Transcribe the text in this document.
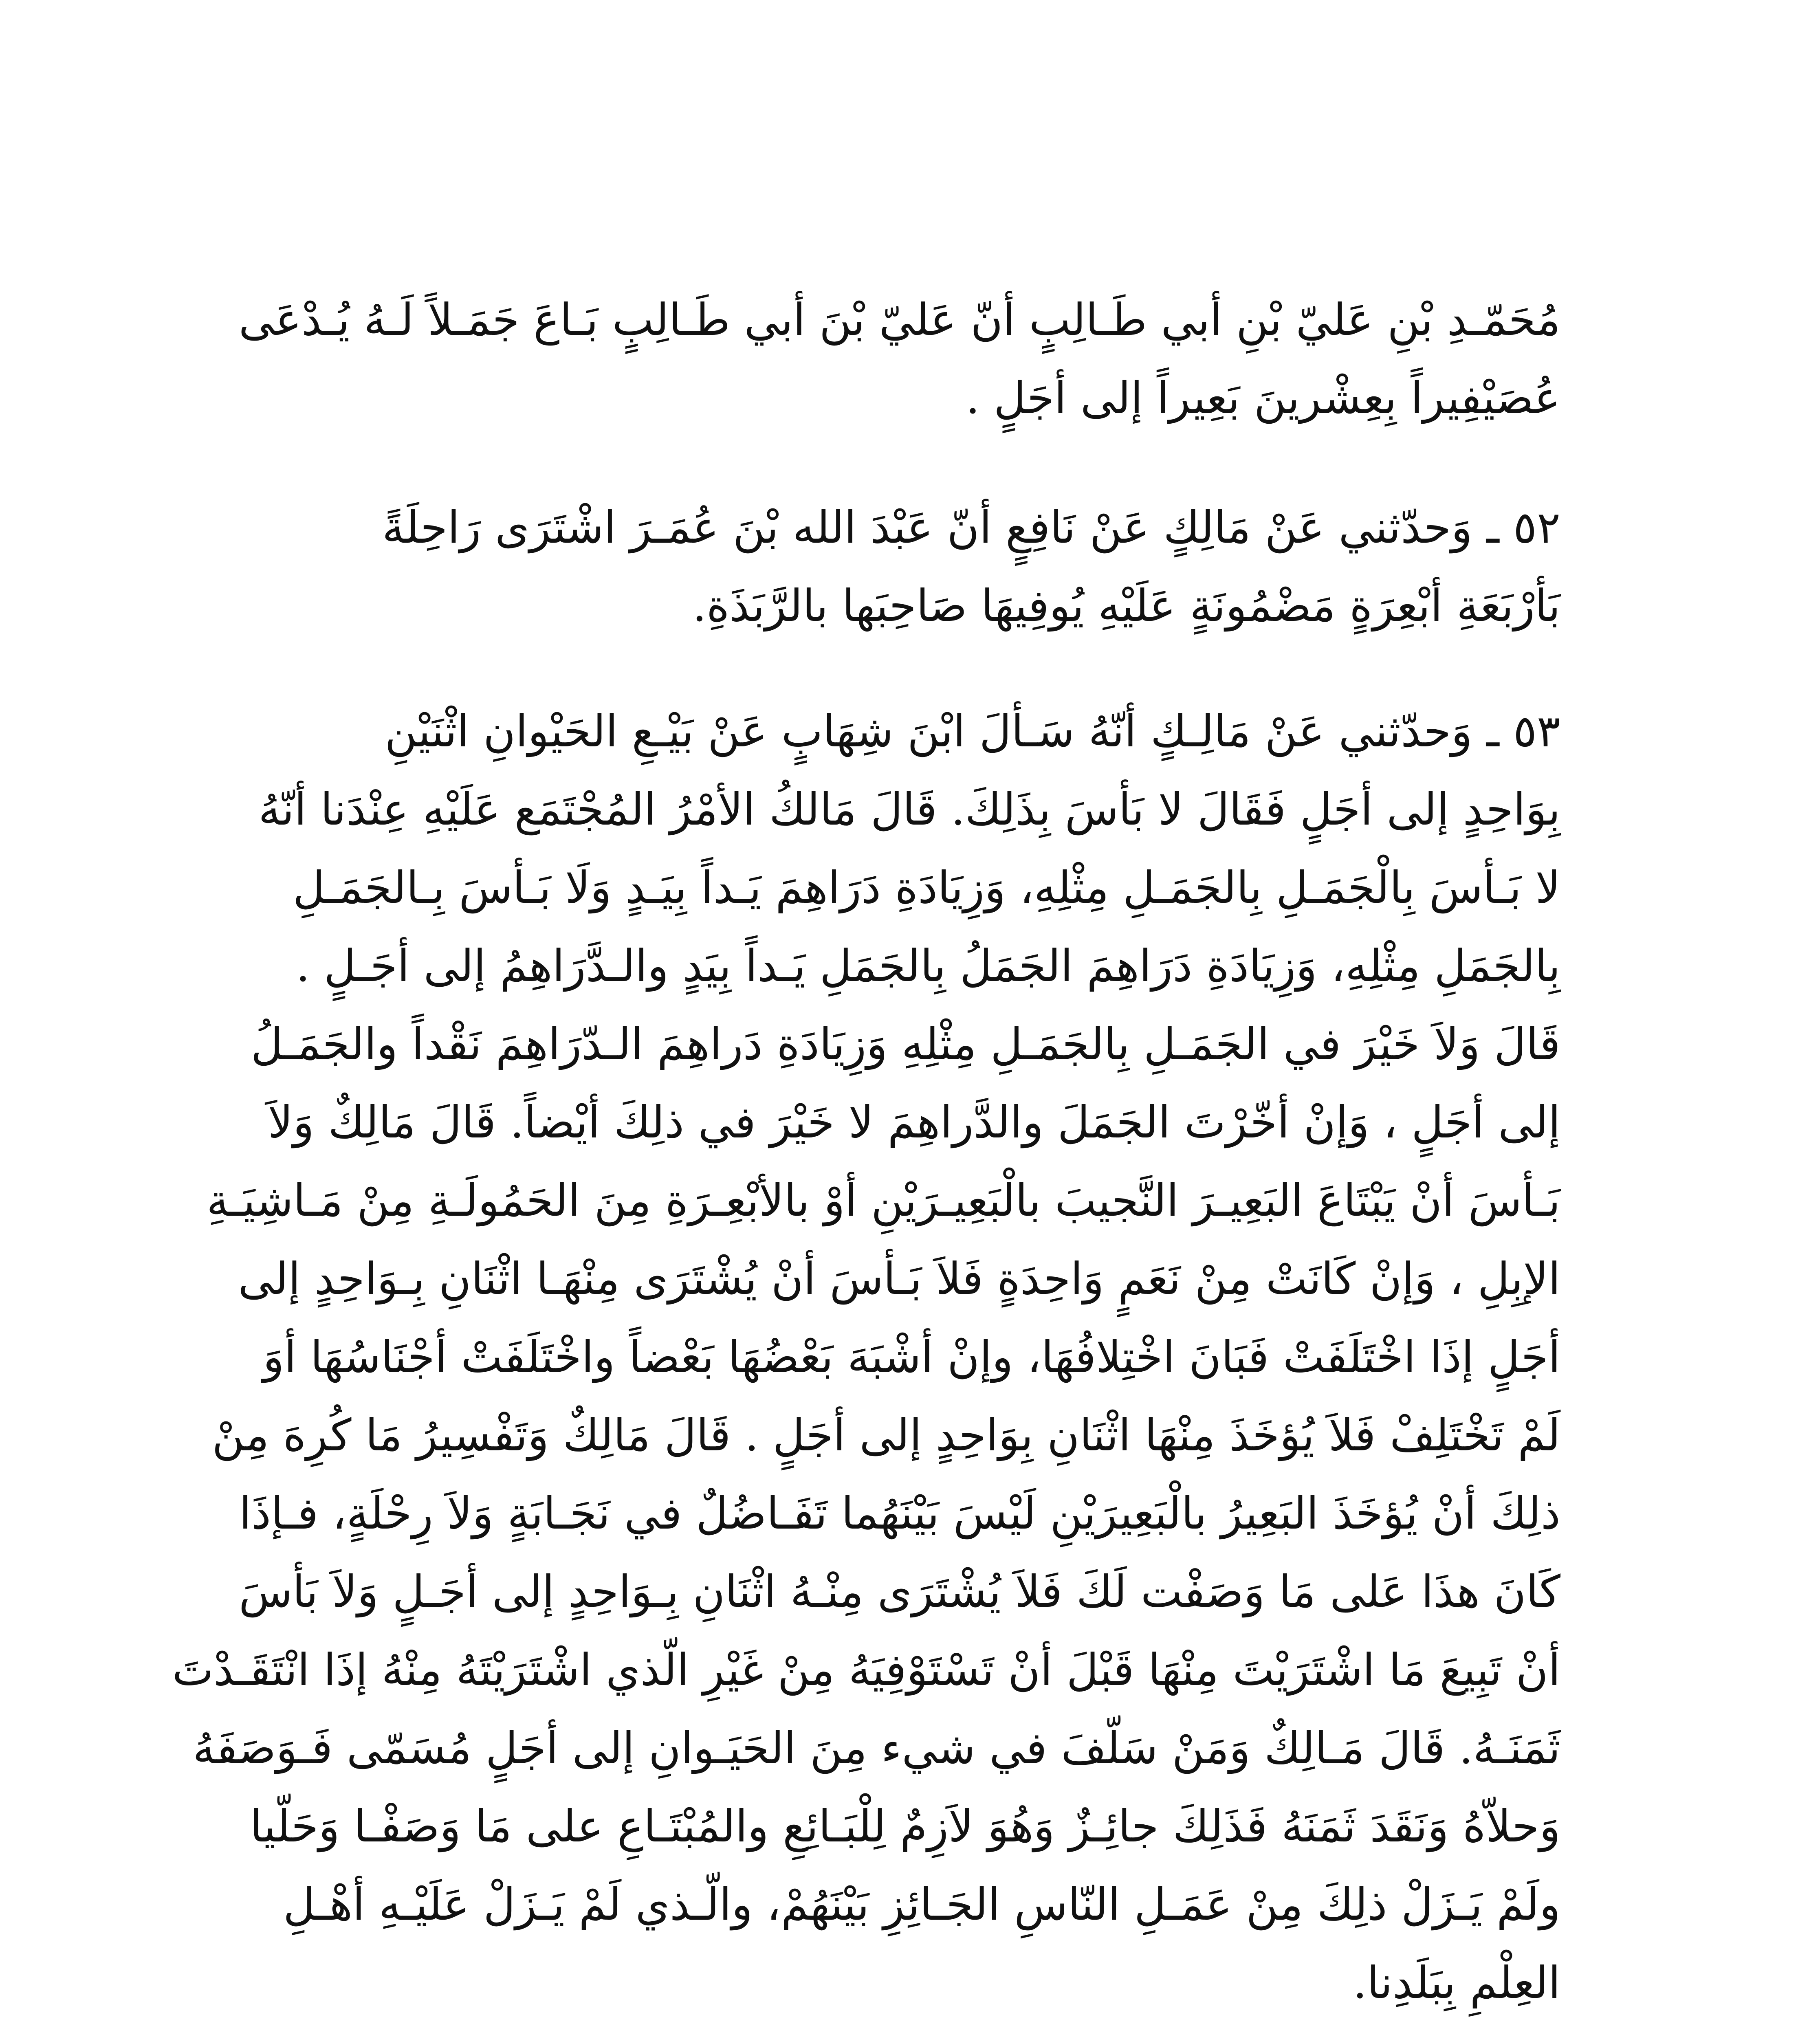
مُحَمّـدِ بْنِ عَليّ بْنِ أبي طَـالِبٍ أنّ عَليّ بْنَ أبي طَـالِبٍ بَـاعَ جَمَـلاً لَـهُ يُـدْعَى
عُصَيْفِيراً بِعِشْرينَ بَعِيراً إلى أجَلٍ .
٥٢ ـ وَحدّثني عَنْ مَالِكٍ عَنْ نَافِعٍ أنّ عَبْدَ الله بْنَ عُمَـرَ اشْتَرَى رَاحِلَةً
بَأرْبَعَةِ أبْعِرَةٍ مَضْمُونَةٍ عَلَيْهِ يُوفِيهَا صَاحِبَها بالرَّبَذَةِ.
٥٣ ـ وَحدّثني عَنْ مَالِـكٍ أنّهُ سَـألَ ابْنَ شِهَابٍ عَنْ بَيْـعِ الحَيْوانِ اثْنَيْنِ
بِوَاحِدٍ إلى أجَلٍ فَقَالَ لا بَأسَ بِذَلِكَ. قَالَ مَالكُ الأمْرُ المُجْتَمَع عَلَيْهِ عِنْدَنا أنّهُ
لا بَـأسَ بِالْجَمَـلِ بِالجَمَـلِ مِثْلِهِ، وَزِيَادَةِ دَرَاهِمَ يَـداً بِيَـدٍ وَلَا بَـأسَ بِـالجَمَـلِ
بِالجَمَلِ مِثْلِهِ، وَزِيَادَةِ دَرَاهِمَ الجَمَلُ بِالجَمَلِ يَـداً بِيَدٍ والـدَّرَاهِمُ إلى أجَـلٍ .
قَالَ وَلاَ خَيْرَ في الجَمَـلِ بِالجَمَـلِ مِثْلِهِ وَزِيَادَةِ دَراهِمَ الـدّرَاهِمَ نَقْداً والجَمَـلُ
إلى أجَلٍ ، وَإنْ أخّرْتَ الجَمَلَ والدَّراهِمَ لا خَيْرَ في ذلِكَ أيْضاً. قَالَ مَالِكٌ وَلاَ
بَـأسَ أنْ يَبْتَاعَ البَعِيـرَ النَّجيبَ بالْبَعِيـرَيْنِ أوْ بالأبْعِـرَةِ مِنَ الحَمُولَـةِ مِنْ مَـاشِيَـةِ
الإبِلِ ، وَإنْ كَانَتْ مِنْ نَعَمٍ وَاحِدَةٍ فَلاَ بَـأسَ أنْ يُشْتَرَى مِنْهَـا اثْنَانِ بِـوَاحِدٍ إلى
أجَلٍ إذَا اخْتَلَفَتْ فَبَانَ اخْتِلافُهَا، وإنْ أشْبَهَ بَعْضُهَا بَعْضاً واخْتَلَفَتْ أجْنَاسُهَا أوَ
لَمْ تَخْتَلِفْ فَلاَ يُؤخَذَ مِنْهَا اثْنَانِ بِوَاحِدٍ إلى أجَلٍ . قَالَ مَالِكٌ وَتَفْسِيرُ مَا كُرِهَ مِنْ
ذلِكَ أنْ يُؤخَذَ البَعِيرُ بالْبَعِيرَيْنِ لَيْسَ بَيْنَهُما تَفَـاضُلٌ في نَجَـابَةٍ وَلاَ رِحْلَةٍ، فـإذَا
كَانَ هذَا عَلى مَا وَصَفْت لَكَ فَلاَ يُشْتَرَى مِنْـهُ اثْنَانِ بِـوَاحِدٍ إلى أجَـلٍ وَلاَ بَأسَ
أنْ تَبِيعَ مَا اشْتَرَيْتَ مِنْهَا قَبْلَ أنْ تَسْتَوْفِيَهُ مِنْ غَيْرِ الّذي اشْتَرَيْتَهُ مِنْهُ إذَا انْتَقَـدْتَ
ثَمَنَـهُ. قَالَ مَـالِكٌ وَمَنْ سَلّفَ في شيء مِنَ الحَيَـوانِ إلى أجَلٍ مُسَمّى فَـوَصَفَهُ
وَحلاّهُ وَنَقَدَ ثَمَنَهُ فَذَلِكَ جائِـزٌ وَهُوَ لاَزِمٌ لِلْبَـائِعِ والمُبْتَـاعِ على مَا وَصَفْـا وَحَلّيا
ولَمْ يَـزَلْ ذلِكَ مِنْ عَمَـلِ النّاسِ الجَـائِزِ بَيْنَهُمْ، والّـذي لَمْ يَـزَلْ عَلَيْـهِ أهْـلِ
العِلْمِ بِبَلَدِنا.
